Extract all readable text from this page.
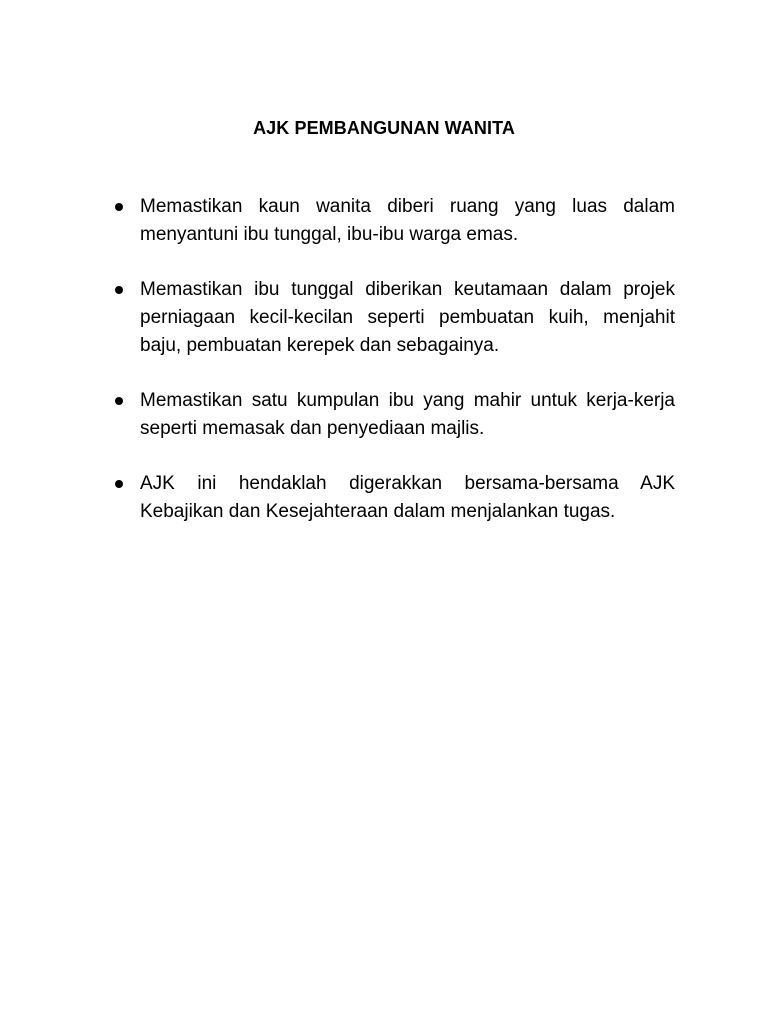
AJK PEMBANGUNAN WANITA
Memastikan kaun wanita diberi ruang yang luas dalam menyantuni ibu tunggal, ibu-ibu warga emas.
Memastikan ibu tunggal diberikan keutamaan dalam projek perniagaan kecil-kecilan seperti pembuatan kuih, menjahit baju, pembuatan kerepek dan sebagainya.
Memastikan satu kumpulan ibu yang mahir untuk kerja-kerja seperti memasak dan penyediaan majlis.
AJK ini hendaklah digerakkan bersama-bersama AJK Kebajikan dan Kesejahteraan dalam menjalankan tugas.
